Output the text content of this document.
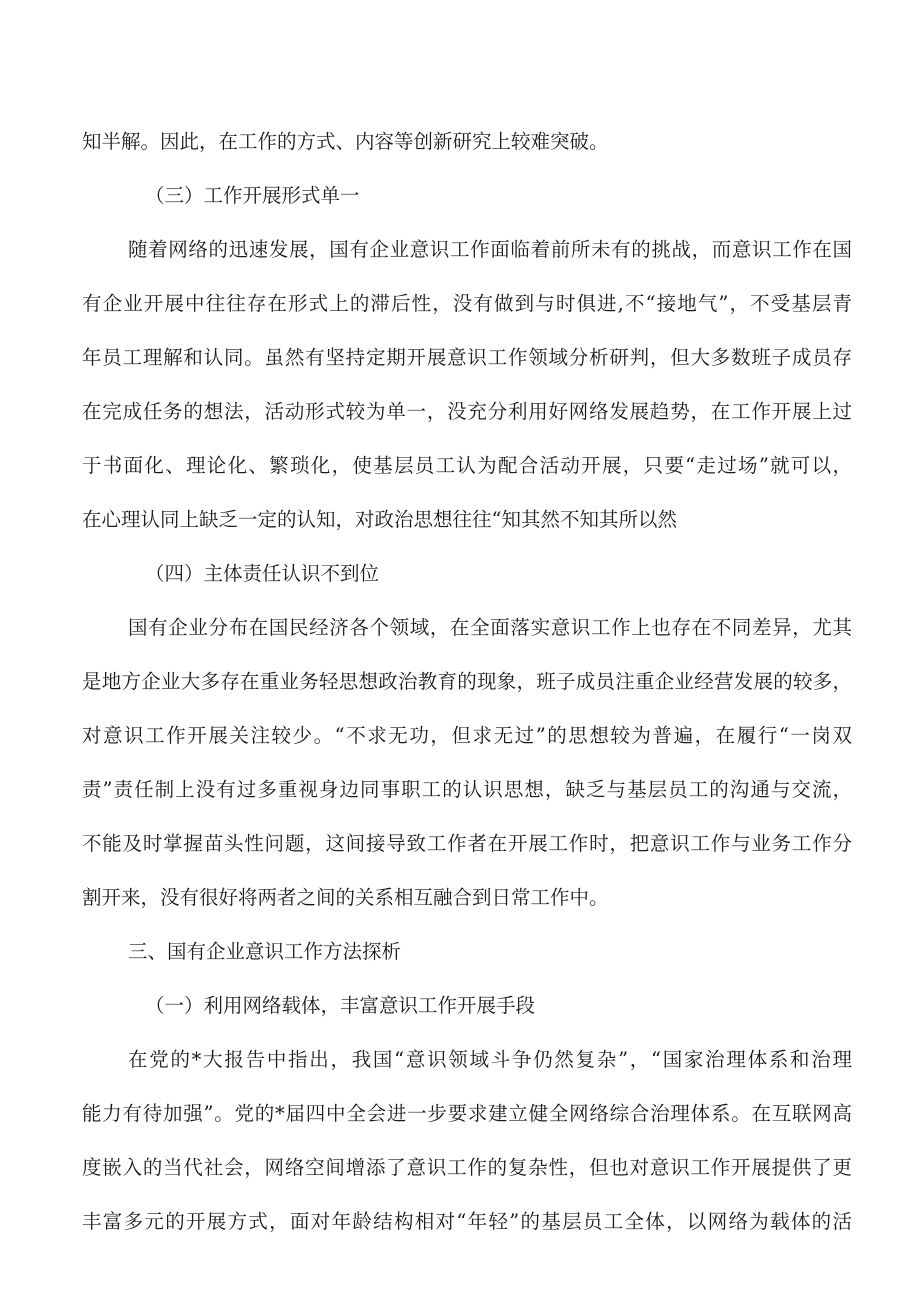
知半解。因此，在工作的方式、内容等创新研究上较难突破。
（三）工作开展形式单一
随着网络的迅速发展，国有企业意识工作面临着前所未有的挑战，而意识工作在国
有企业开展中往往存在形式上的滞后性，没有做到与时俱进,不“接地气”，不受基层青
年员工理解和认同。虽然有坚持定期开展意识工作领域分析研判，但大多数班子成员存
在完成任务的想法，活动形式较为单一，没充分利用好网络发展趋势，在工作开展上过
于书面化、理论化、繁琐化，使基层员工认为配合活动开展，只要“走过场”就可以，
在心理认同上缺乏一定的认知，对政治思想往往“知其然不知其所以然
（四）主体责任认识不到位
国有企业分布在国民经济各个领域，在全面落实意识工作上也存在不同差异，尤其
是地方企业大多存在重业务轻思想政治教育的现象，班子成员注重企业经营发展的较多，
对意识工作开展关注较少。“不求无功，但求无过”的思想较为普遍，在履行“一岗双
责”责任制上没有过多重视身边同事职工的认识思想，缺乏与基层员工的沟通与交流，
不能及时掌握苗头性问题，这间接导致工作者在开展工作时，把意识工作与业务工作分
割开来，没有很好将两者之间的关系相互融合到日常工作中。
三、国有企业意识工作方法探析
（一）利用网络载体，丰富意识工作开展手段
在党的*大报告中指出，我国“意识领域斗争仍然复杂”，“国家治理体系和治理
能力有待加强”。党的*届四中全会进一步要求建立健全网络综合治理体系。在互联网高
度嵌入的当代社会，网络空间增添了意识工作的复杂性，但也对意识工作开展提供了更
丰富多元的开展方式，面对年龄结构相对“年轻”的基层员工全体，以网络为载体的活
